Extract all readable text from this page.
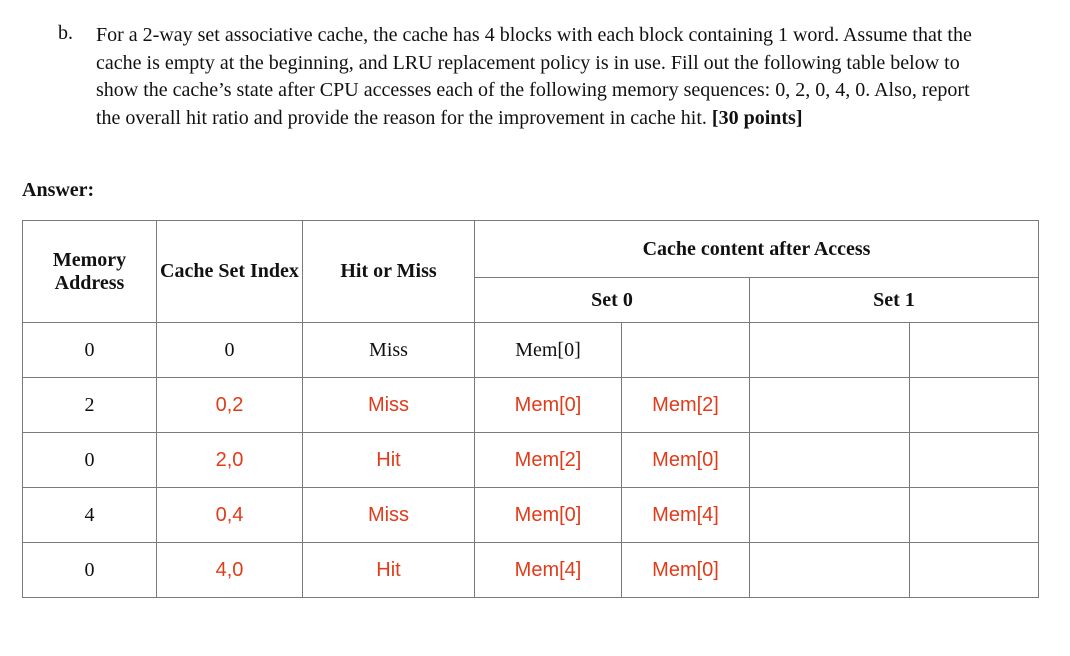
b. For a 2-way set associative cache, the cache has 4 blocks with each block containing 1 word. Assume that the cache is empty at the beginning, and LRU replacement policy is in use. Fill out the following table below to show the cache’s state after CPU accesses each of the following memory sequences: 0, 2, 0, 4, 0. Also, report the overall hit ratio and provide the reason for the improvement in cache hit. [30 points]
Answer:
Memory Address	Cache Set Index	Hit or Miss	Cache content after Access			
			Set 0		Set 1	
0	0	Miss	Mem[0]			
2	0,2	Miss	Mem[0]	Mem[2]		
0	2,0	Hit	Mem[2]	Mem[0]		
4	0,4	Miss	Mem[0]	Mem[4]		
0	4,0	Hit	Mem[4]	Mem[0]		
